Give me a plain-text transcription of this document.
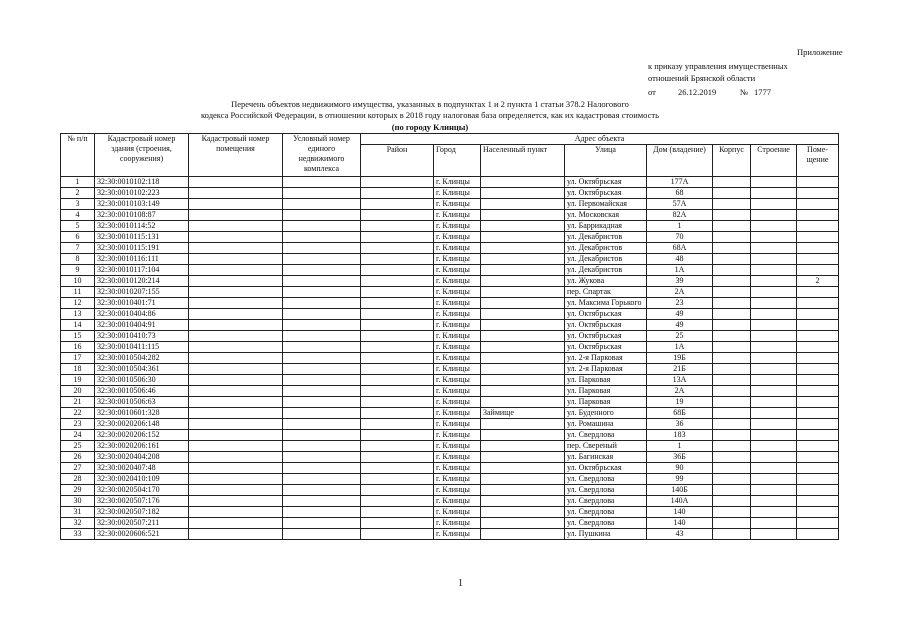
Приложение
к приказу управления имущественных
отношений Брянской области
от	26.12.2019	№ 1777
Перечень объектов недвижимого имущества, указанных в подпунктах 1 и 2 пункта 1 статьи 378.2 Налогового
кодекса Российской Федерации, в отношении которых в 2018 году налоговая база определяется, как их кадастровая стоимость
(по городу Клинцы)
№ п/п	Кадастровый номер здания (строения, сооружения)	Кадастровый номер помещения	Условный номер единого недвижимого комплекса	Адрес объекта							
				Район	Город	Населенный пункт	Улица	Дом (владение)	Корпус	Строение	Поме-щение
1	32:30:0010102:118				г. Клинцы		ул. Октябрьская	177А			
2	32:30:0010102:223				г. Клинцы		ул. Октябрьская	68			
3	32:30:0010103:149				г. Клинцы		ул. Первомайская	57А			
4	32:30:0010108:87				г. Клинцы		ул. Московская	82А			
5	32:30:0010114:52				г. Клинцы		ул. Баррикадная	1			
6	32:30:0010115:131				г. Клинцы		ул. Декабристов	70			
7	32:30:0010115:191				г. Клинцы		ул. Декабристов	68А			
8	32:30:0010116:111				г. Клинцы		ул. Декабристов	48			
9	32:30:0010117:104				г. Клинцы		ул. Декабристов	1А			
10	32:30:0010120:214				г. Клинцы		ул. Жукова	39			2
11	32:30:0010207:155				г. Клинцы		пер. Спартак	2А			
12	32:30:0010401:71				г. Клинцы		ул. Максима Горького	23			
13	32:30:0010404:86				г. Клинцы		ул. Октябрьская	49			
14	32:30:0010404:91				г. Клинцы		ул. Октябрьская	49			
15	32:30:0010410:73				г. Клинцы		ул. Октябрьская	25			
16	32:30:0010411:115				г. Клинцы		ул. Октябрьская	1А			
17	32:30:0010504:282				г. Клинцы		ул. 2-я Парковая	19Б			
18	32:30:0010504:361				г. Клинцы		ул. 2-я Парковая	21Б			
19	32:30:0010506:30				г. Клинцы		ул. Парковая	13А			
20	32:30:0010506:46				г. Клинцы		ул. Парковая	2А			
21	32:30:0010506:63				г. Клинцы		ул. Парковая	19			
22	32:30:0010601:328				г. Клинцы	Займище	ул. Буденного	68Б			
23	32:30:0020206:148				г. Клинцы		ул. Ромашина	36			
24	32:30:0020206:152				г. Клинцы		ул. Свердлова	183			
25	32:30:0020206:161				г. Клинцы		пер. Свереный	1			
26	32:30:0020404:208				г. Клинцы		ул. Багинская	36Б			
27	32:30:0020407:48				г. Клинцы		ул. Октябрьская	90			
28	32:30:0020410:109				г. Клинцы		ул. Свердлова	99			
29	32:30:0020504:170				г. Клинцы		ул. Свердлова	140Б			
30	32:30:0020507:176				г. Клинцы		ул. Свердлова	140А			
31	32:30:0020507:182				г. Клинцы		ул. Свердлова	140			
32	32:30:0020507:211				г. Клинцы		ул. Свердлова	140			
33	32:30:0020606:521				г. Клинцы		ул. Пушкина	43			
1
